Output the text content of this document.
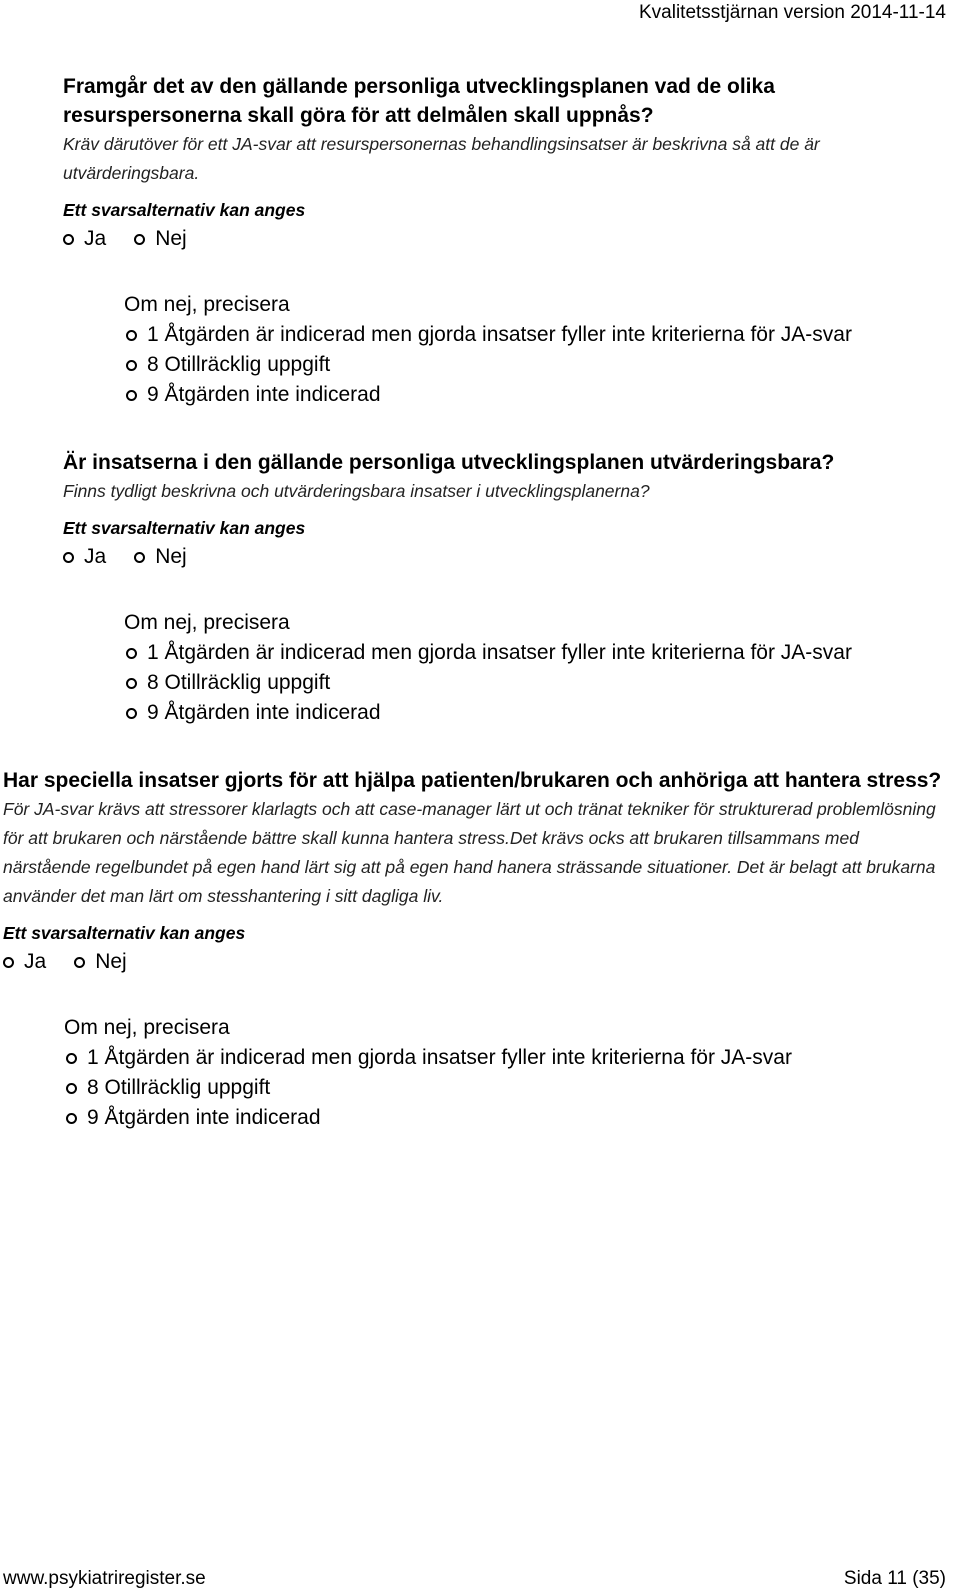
Kvalitetsstjärnan version 2014-11-14

Framgår det av den gällande personliga utvecklingsplanen vad de olika resurspersonerna skall göra för att delmålen skall uppnås?

Kräv därutöver för ett JA-svar att resurspersonernas behandlingsinsatser är beskrivna så att de är utvärderingsbara.

Ett svarsalternativ kan anges

Ja Nej

Om nej, precisera

1 Åtgärden är indicerad men gjorda insatser fyller inte kriterierna för JA-svar
8 Otillräcklig uppgift
9 Åtgärden inte indicerad

Är insatserna i den gällande personliga utvecklingsplanen utvärderingsbara?

Finns tydligt beskrivna och utvärderingsbara insatser i utvecklingsplanerna?

Ett svarsalternativ kan anges

Ja Nej

Om nej, precisera

1 Åtgärden är indicerad men gjorda insatser fyller inte kriterierna för JA-svar
8 Otillräcklig uppgift
9 Åtgärden inte indicerad

Har speciella insatser gjorts för att hjälpa patienten/brukaren och anhöriga att hantera stress?

För JA-svar krävs att stressorer klarlagts och att case-manager lärt ut och tränat tekniker för strukturerad problemlösning för att brukaren och närstående bättre skall kunna hantera stress.Det krävs ocks att brukaren tillsammans med närstående regelbundet på egen hand lärt sig att på egen hand hanera strässande situationer. Det är belagt att brukarna använder det man lärt om stesshantering i sitt dagliga liv.

Ett svarsalternativ kan anges

Ja Nej

Om nej, precisera

1 Åtgärden är indicerad men gjorda insatser fyller inte kriterierna för JA-svar
8 Otillräcklig uppgift
9 Åtgärden inte indicerad
www.psykiatriregister.se	Sida 11 (35)
